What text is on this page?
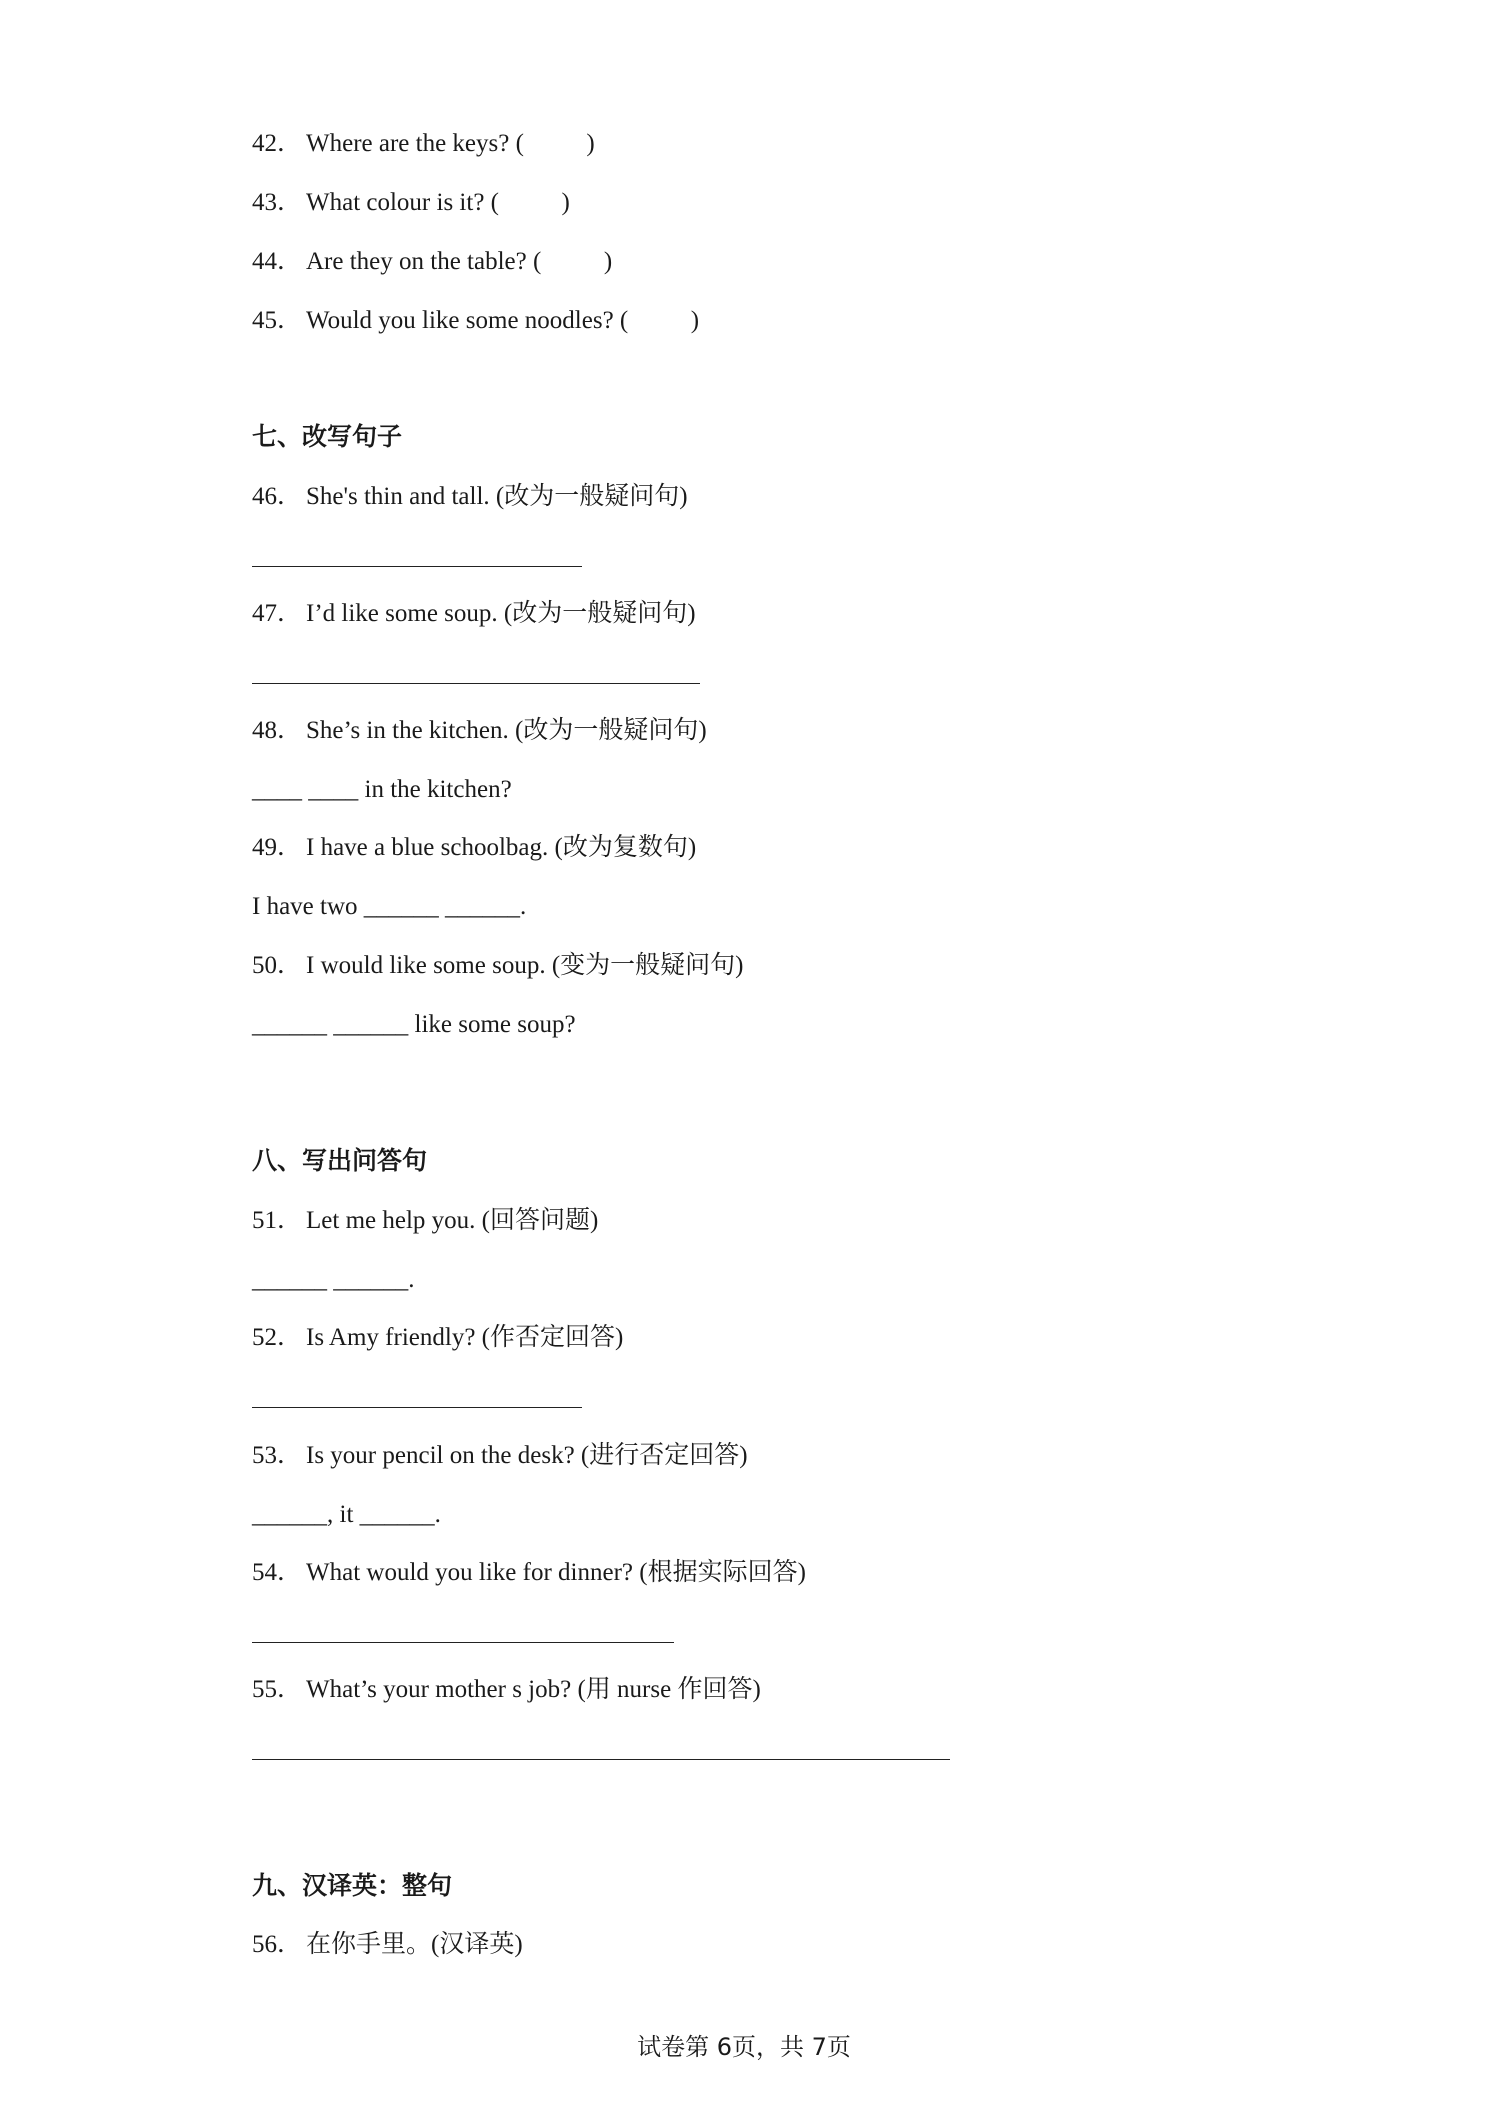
42． Where are the keys? (          )
43． What colour is it? (          )
44． Are they on the table? (          )
45． Would you like some noodles? (          )
七、改写句子
46． She's thin and tall. (改为一般疑问句)
47． I’d like some soup. (改为一般疑问句)
48． She’s in the kitchen. (改为一般疑问句)
____ ____ in the kitchen?
49． I have a blue schoolbag. (改为复数句)
I have two ______ ______.
50． I would like some soup. (变为一般疑问句)
______ ______ like some soup?
八、写出问答句
51． Let me help you. (回答问题)
______ ______.
52． Is Amy friendly? (作否定回答)
53． Is your pencil on the desk? (进行否定回答)
______, it ______.
54． What would you like for dinner? (根据实际回答)
55． What’s your mother s job? (用 nurse 作回答)
九、汉译英：整句
56． 在你手里。(汉译英)
试卷第 6页，共 7页
